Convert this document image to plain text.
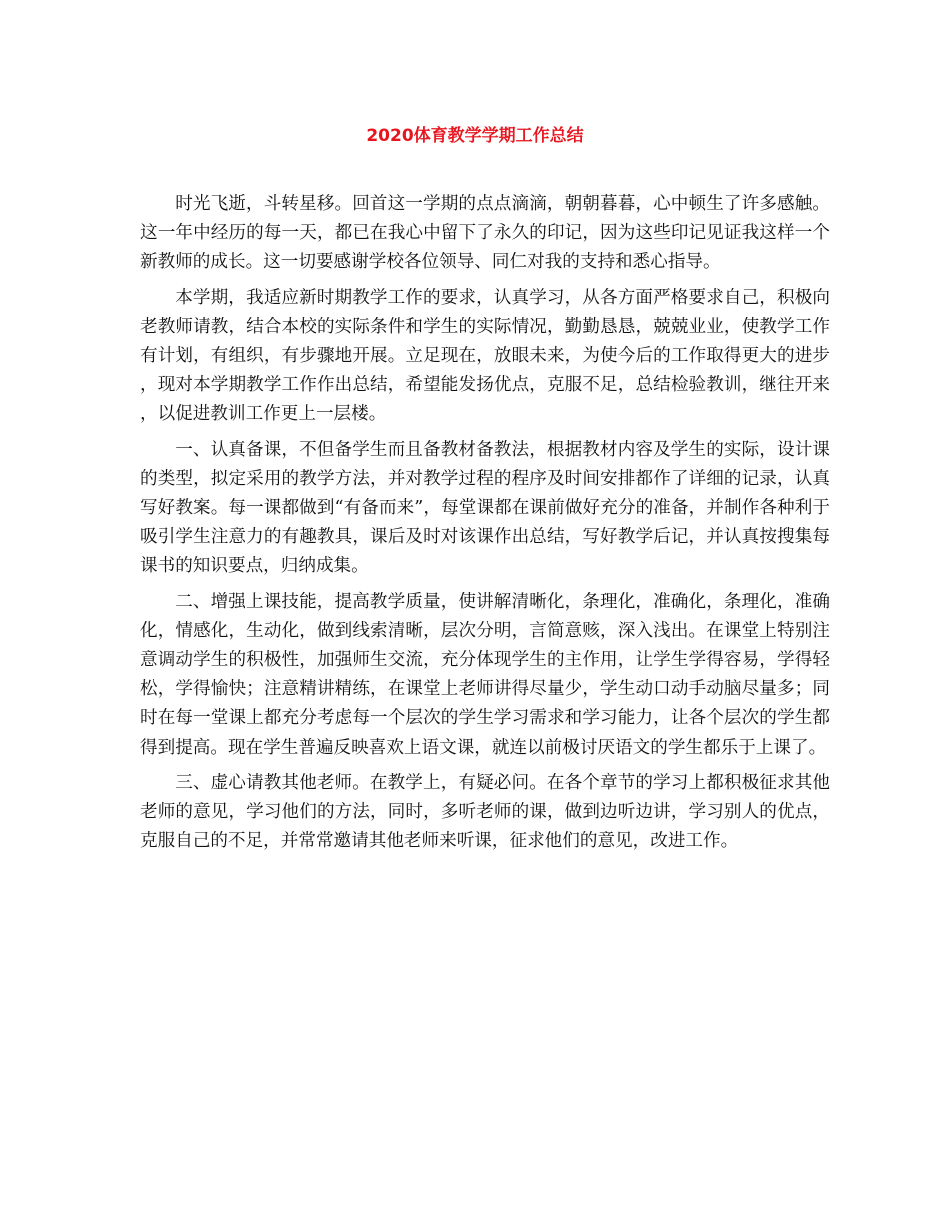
2020体育教学学期工作总结

时光飞逝，斗转星移。回首这一学期的点点滴滴，朝朝暮暮，心中顿生了许多感触。这一年中经历的每一天，都已在我心中留下了永久的印记，因为这些印记见证我这样一个新教师的成长。这一切要感谢学校各位领导、同仁对我的支持和悉心指导。

本学期，我适应新时期教学工作的要求，认真学习，从各方面严格要求自己，积极向老教师请教，结合本校的实际条件和学生的实际情况，勤勤恳恳，兢兢业业，使教学工作有计划，有组织，有步骤地开展。立足现在，放眼未来，为使今后的工作取得更大的进步，现对本学期教学工作作出总结，希望能发扬优点，克服不足，总结检验教训，继往开来，以促进教训工作更上一层楼。

一、认真备课，不但备学生而且备教材备教法，根据教材内容及学生的实际，设计课的类型，拟定采用的教学方法，并对教学过程的程序及时间安排都作了详细的记录，认真写好教案。每一课都做到“有备而来”，每堂课都在课前做好充分的准备，并制作各种利于吸引学生注意力的有趣教具，课后及时对该课作出总结，写好教学后记，并认真按搜集每课书的知识要点，归纳成集。

二、增强上课技能，提高教学质量，使讲解清晰化，条理化，准确化，条理化，准确化，情感化，生动化，做到线索清晰，层次分明，言简意赅，深入浅出。在课堂上特别注意调动学生的积极性，加强师生交流，充分体现学生的主作用，让学生学得容易，学得轻松，学得愉快；注意精讲精练，在课堂上老师讲得尽量少，学生动口动手动脑尽量多；同时在每一堂课上都充分考虑每一个层次的学生学习需求和学习能力，让各个层次的学生都得到提高。现在学生普遍反映喜欢上语文课，就连以前极讨厌语文的学生都乐于上课了。

三、虚心请教其他老师。在教学上，有疑必问。在各个章节的学习上都积极征求其他老师的意见，学习他们的方法，同时，多听老师的课，做到边听边讲，学习别人的优点，克服自己的不足，并常常邀请其他老师来听课，征求他们的意见，改进工作。
